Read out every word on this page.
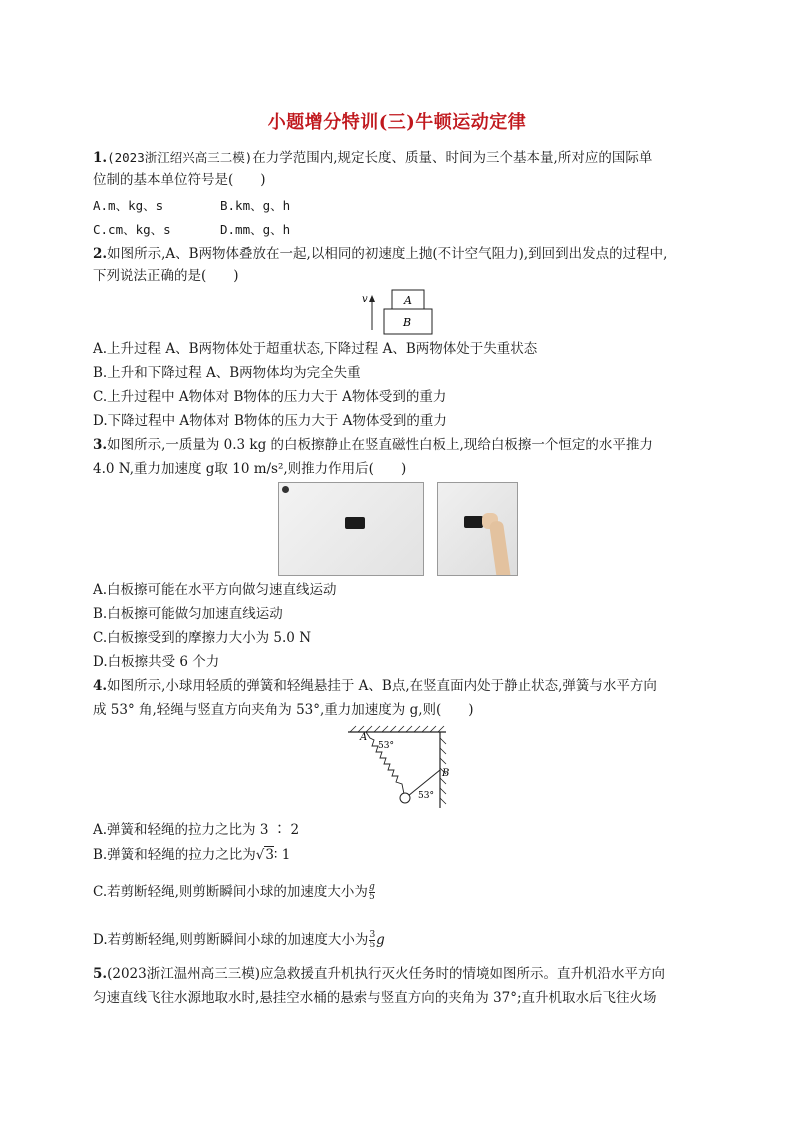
小题增分特训(三)牛顿运动定律
1.(2023浙江绍兴高三二模)在力学范围内,规定长度、质量、时间为三个基本量,所对应的国际单
位制的基本单位符号是(　　)
A.m、kg、s	B.km、g、h
C.cm、kg、s	D.mm、g、h
2.如图所示,A、B两物体叠放在一起,以相同的初速度上抛(不计空气阻力),到回到出发点的过程中,
下列说法正确的是(　　)
v	A
B
A.上升过程 A、B两物体处于超重状态,下降过程 A、B两物体处于失重状态
B.上升和下降过程 A、B两物体均为完全失重
C.上升过程中 A物体对 B物体的压力大于 A物体受到的重力
D.下降过程中 A物体对 B物体的压力大于 A物体受到的重力
3.如图所示,一质量为 0.3 kg 的白板擦静止在竖直磁性白板上,现给白板擦一个恒定的水平推力
4.0 N,重力加速度 g取 10 m/s²,则推力作用后(　　)
A.白板擦可能在水平方向做匀速直线运动
B.白板擦可能做匀加速直线运动
C.白板擦受到的摩擦力大小为 5.0 N
D.白板擦共受 6 个力
4.如图所示,小球用轻质的弹簧和轻绳悬挂于 A、B点,在竖直面内处于静止状态,弹簧与水平方向
成 53° 角,轻绳与竖直方向夹角为 53°,重力加速度为 g,则(　　)
A
B
53°
53°
A.弹簧和轻绳的拉力之比为 3 ∶ 2
B.弹簧和轻绳的拉力之比为√3∶ 1
C.若剪断轻绳,则剪断瞬间小球的加速度大小为 $\frac{g}{5}$
D.若剪断轻绳,则剪断瞬间小球的加速度大小为 $\frac{3}{5}$ g
5.(2023浙江温州高三三模)应急救援直升机执行灭火任务时的情境如图所示。直升机沿水平方向
匀速直线飞往水源地取水时,悬挂空水桶的悬索与竖直方向的夹角为 37°;直升机取水后飞往火场
